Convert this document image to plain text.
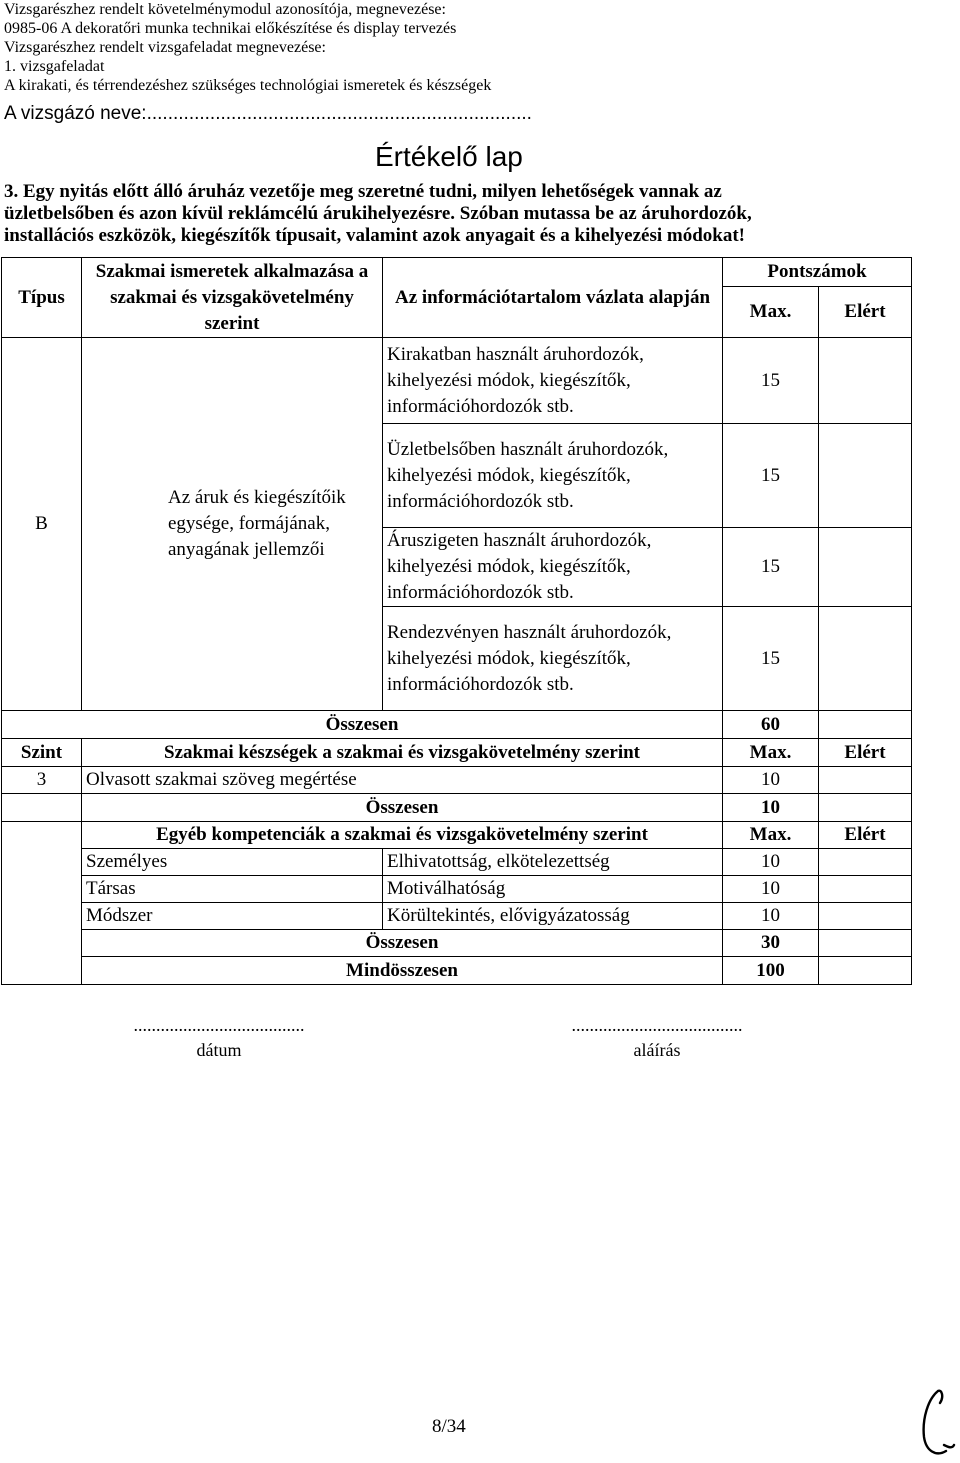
Vizsgarészhez rendelt követelménymodul azonosítója, megnevezése:
0985-06 A dekoratőri munka technikai előkészítése és display tervezés
Vizsgarészhez rendelt vizsgafeladat megnevezése:
1. vizsgafeladat
A kirakati, és térrendezéshez szükséges technológiai ismeretek és készségek
A vizsgázó neve:.........................................................................
Értékelő lap
3. Egy nyitás előtt álló áruház vezetője meg szeretné tudni, milyen lehetőségek vannak az
üzletbelsőben és azon kívül reklámcélú árukihelyezésre. Szóban mutassa be az áruhordozók,
installációs eszközök, kiegészítők típusait, valamint azok anyagait és a kihelyezési módokat!
Típus	Szakmai ismeretek alkalmazása a szakmai és vizsgakövetelmény szerint	Az információtartalom vázlata alapján	Pontszámok	
			Max.	Elért
B	Az áruk és kiegészítőik egysége, formájának, anyagának jellemzői	Kirakatban használt áruhordozók, kihelyezési módok, kiegészítők, információhordozók stb.	15	
		Üzletbelsőben használt áruhordozók, kihelyezési módok, kiegészítők, információhordozók stb.	15	
		Áruszigeten használt áruhordozók, kihelyezési módok, kiegészítők, információhordozók stb.	15	
		Rendezvényen használt áruhordozók, kihelyezési módok, kiegészítők, információhordozók stb.	15	
Összesen			60	
Szint	Szakmai készségek a szakmai és vizsgakövetelmény szerint		Max.	Elért
3	Olvasott szakmai szöveg megértése		10	
	Összesen		10	
	Egyéb kompetenciák a szakmai és vizsgakövetelmény szerint		Max.	Elért
	Személyes	Elhivatottság, elkötelezettség	10	
	Társas	Motiválhatóság	10	
	Módszer	Körültekintés, elővigyázatosság	10	
	Összesen		30	
	Mindösszesen		100	
......................................
dátum
......................................
aláírás
8/34
